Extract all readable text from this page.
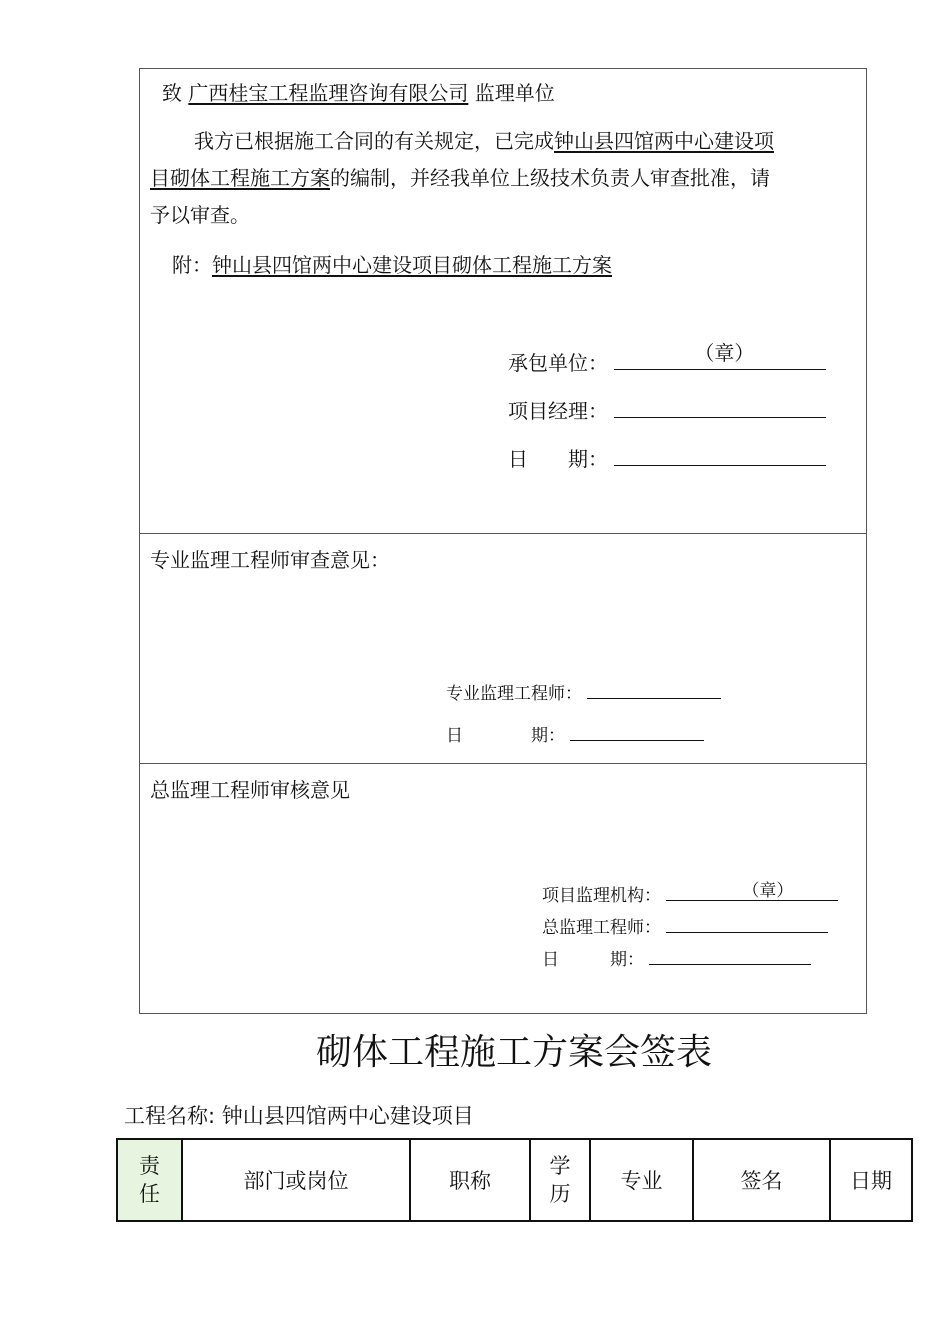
致 广西桂宝工程监理咨询有限公司 监理单位
我方已根据施工合同的有关规定，已完成钟山县四馆两中心建设项
目砌体工程施工方案的编制，并经我单位上级技术负责人审查批准，请
予以审查。
附：钟山县四馆两中心建设项目砌体工程施工方案
承包单位：	（章）
项目经理：
日　　期：
专业监理工程师审查意见：
专业监理工程师：
日　　　　期：
总监理工程师审核意见
项目监理机构：	（章）
总监理工程师：
日　　　期：
砌体工程施工方案会签表
工程名称: 钟山县四馆两中心建设项目
责任	部门或岗位	职称	学历	专业	签名	日期
